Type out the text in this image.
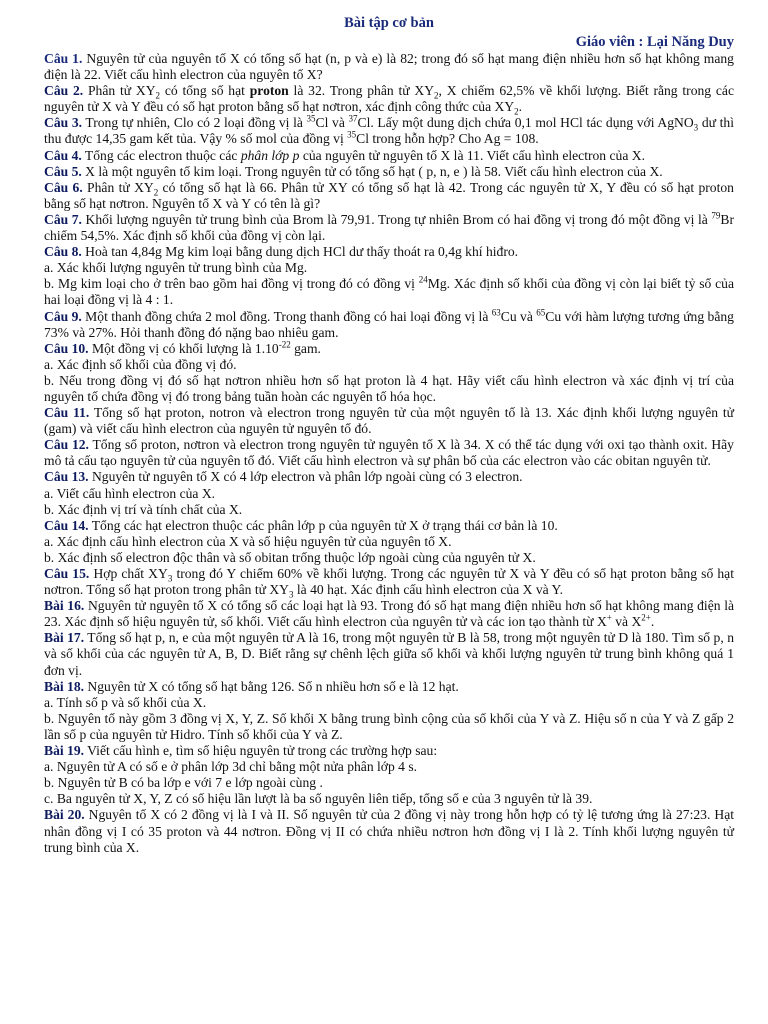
Bài tập cơ bản

Giáo viên : Lại Năng Duy

Câu 1. Nguyên tử của nguyên tố X có tổng số hạt (n, p và e) là 82; trong đó số hạt mang điện nhiều hơn số hạt không mang điện là 22. Viết cấu hình electron của nguyên tố X?

Câu 2. Phân tử $XY_2$ có tổng số hạt proton là 32. Trong phân tử $XY_2$, X chiếm 62,5% về khối lượng. Biết rằng trong các nguyên tử X và Y đều có số hạt proton bằng số hạt nơtron, xác định công thức của $XY_2$.

Câu 3. Trong tự nhiên, Clo có 2 loại đồng vị là $^{35}$Cl và $^{37}$Cl. Lấy một dung dịch chứa 0,1 mol HCl tác dụng với AgNO$_3$ dư thì thu được 14,35 gam kết tủa. Vậy % số mol của đồng vị $^{35}$Cl trong hỗn hợp? Cho Ag = 108.

Câu 4. Tổng các electron thuộc các phân lớp p của nguyên tử nguyên tố X là 11. Viết cấu hình electron của X.

Câu 5. X là một nguyên tố kim loại. Trong nguyên tử có tổng số hạt ( p, n, e ) là 58. Viết cấu hình electron của X.

Câu 6. Phân tử $XY_2$ có tổng số hạt là 66. Phân tử XY có tổng số hạt là 42. Trong các nguyên tử X, Y đều có số hạt proton bằng số hạt nơtron. Nguyên tố X và Y có tên là gì?

Câu 7. Khối lượng nguyên tử trung bình của Brom là 79,91. Trong tự nhiên Brom có hai đồng vị trong đó một đồng vị là $^{79}$Br chiếm 54,5%. Xác định số khối của đồng vị còn lại.

Câu 8. Hoà tan 4,84g Mg kim loại bằng dung dịch HCl dư thấy thoát ra 0,4g khí hiđro.

a. Xác khối lượng nguyên tử trung bình của Mg.

b. Mg kim loại cho ở trên bao gồm hai đồng vị trong đó có đồng vị $^{24}$Mg. Xác định số khối của đồng vị còn lại biết tỷ số của hai loại đồng vị là 4 : 1.

Câu 9. Một thanh đồng chứa 2 mol đồng. Trong thanh đồng có hai loại đồng vị là $^{63}$Cu và $^{65}$Cu với hàm lượng tương ứng bằng 73% và 27%. Hỏi thanh đồng đó nặng bao nhiêu gam.

Câu 10. Một đồng vị có khối lượng là $1.10^{-22}$ gam.

a. Xác định số khối của đồng vị đó.

b. Nếu trong đồng vị đó số hạt nơtron nhiều hơn số hạt proton là 4 hạt. Hãy viết cấu hình electron và xác định vị trí của nguyên tố chứa đồng vị đó trong bảng tuần hoàn các nguyên tố hóa học.

Câu 11. Tổng số hạt proton, notron và electron trong nguyên tử của một nguyên tố là 13. Xác định khối lượng nguyên tử (gam) và viết cấu hình electron của nguyên tử nguyên tố đó.

Câu 12. Tổng số proton, nơtron và electron trong nguyên tử nguyên tố X là 34. X có thể tác dụng với oxi tạo thành oxit. Hãy mô tả cấu tạo nguyên tử của nguyên tố đó. Viết cấu hình electron và sự phân bố của các electron vào các obitan nguyên tử.

Câu 13. Nguyên tử nguyên tố X có 4 lớp electron và phân lớp ngoài cùng có 3 electron.

a. Viết cấu hình electron của X.

b. Xác định vị trí và tính chất của X.

Câu 14. Tổng các hạt electron thuộc các phân lớp p của nguyên tử X ở trạng thái cơ bản là 10.

a. Xác định cấu hình electron của X và số hiệu nguyên tử của nguyên tố X.

b. Xác định số electron độc thân và số obitan trống thuộc lớp ngoài cùng của nguyên tử X.

Câu 15. Hợp chất $XY_3$ trong đó Y chiếm 60% về khối lượng. Trong các nguyên tử X và Y đều có số hạt proton bằng số hạt nơtron. Tổng số hạt proton trong phân tử $XY_3$ là 40 hạt. Xác định cấu hình electron của X và Y.

Bài 16. Nguyên tử nguyên tố X có tổng số các loại hạt là 93. Trong đó số hạt mang điện nhiều hơn số hạt không mang điện là 23. Xác định số hiệu nguyên tử, số khối. Viết cấu hình electron của nguyên tử và các ion tạo thành từ X+ và $X^{2+}$.

Bài 17. Tổng số hạt p, n, e của một nguyên tử A là 16, trong một nguyên tử B là 58, trong một nguyên tử D là 180. Tìm số p, n và số khối của các nguyên tử A, B, D. Biết rằng sự chênh lệch giữa số khối và khối lượng nguyên tử trung bình không quá 1 đơn vị.

Bài 18. Nguyên tử X có tổng số hạt bằng 126. Số n nhiều hơn số e là 12 hạt.

a. Tính số p và số khối của X.

b. Nguyên tố này gồm 3 đồng vị X, Y, Z. Số khối X bằng trung bình cộng của số khối của Y và Z. Hiệu số n của Y và Z gấp 2 lần số p của nguyên tử Hidro. Tính số khối của Y và Z.

Bài 19. Viết cấu hình e, tìm số hiệu nguyên tử trong các trường hợp sau:

a. Nguyên tử A có số e ở phân lớp 3d chỉ bằng một nửa phân lớp 4 s.

b. Nguyên tử B có ba lớp e với 7 e lớp ngoài cùng .

c. Ba nguyên tử X, Y, Z có số hiệu lần lượt là ba số nguyên liên tiếp, tổng số e của 3 nguyên tử là 39.

Bài 20. Nguyên tố X có 2 đồng vị là I và II. Số nguyên tử của 2 đồng vị này trong hỗn hợp có tỷ lệ tương ứng là 27:23. Hạt nhân đồng vị I có 35 proton và 44 nơtron. Đồng vị II có chứa nhiều nơtron hơn đồng vị I là 2. Tính khối lượng nguyên tử trung bình của X.
